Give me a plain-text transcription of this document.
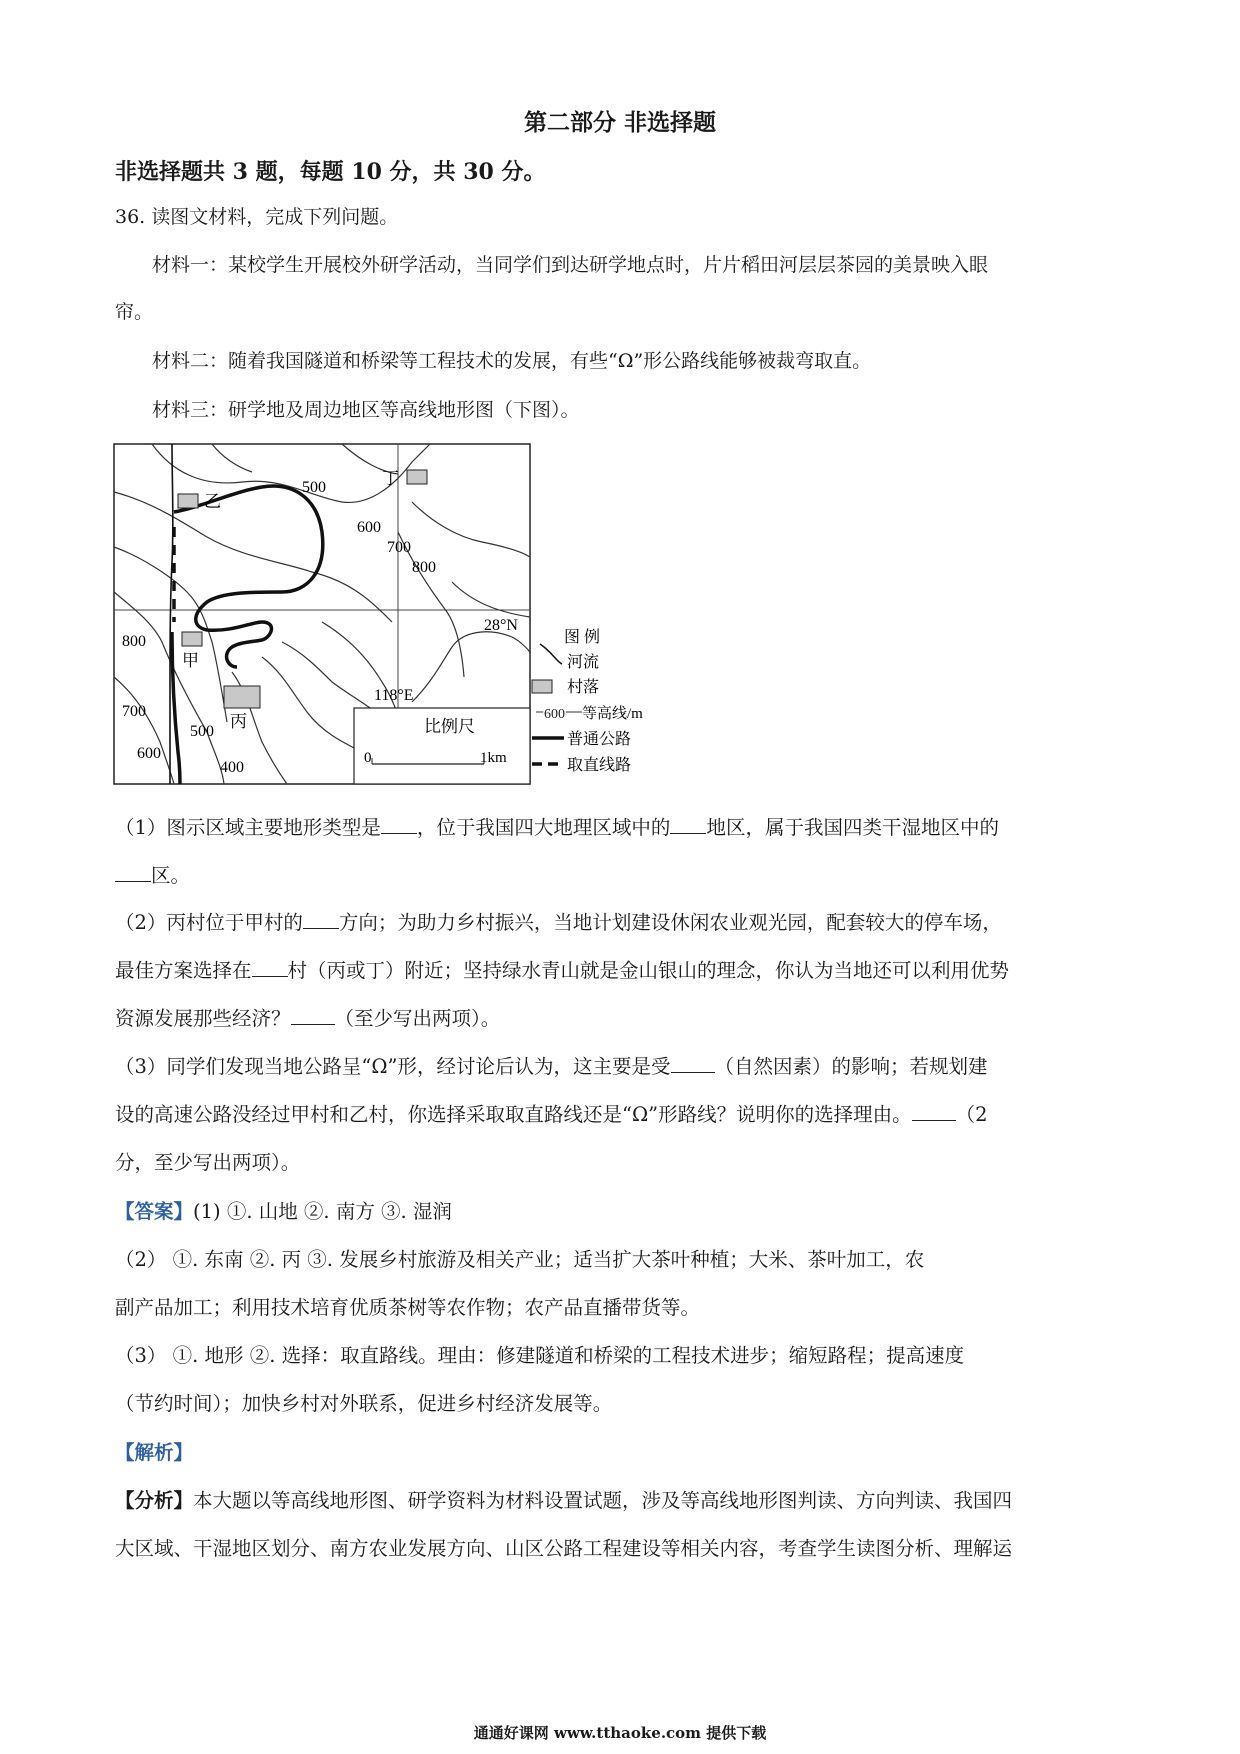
第二部分 非选择题
非选择题共 3 题，每题 10 分，共 30 分。
36. 读图文材料，完成下列问题。
材料一：某校学生开展校外研学活动，当同学们到达研学地点时，片片稻田河层层茶园的美景映入眼
帘。
材料二：随着我国隧道和桥梁等工程技术的发展，有些“Ω”形公路线能够被裁弯取直。
材料三：研学地及周边地区等高线地形图（下图）。
乙
丁
甲
丙
500
600
700
800
800
700
600
500
400
28°N
118°E
比例尺
0	1km
图 例
河流
村落
600 等高线/m
普通公路
取直线路
（1）图示区域主要地形类型是 ，位于我国四大地理区域中的 地区，属于我国四类干湿地区中的
区。
（2）丙村位于甲村的 方向；为助力乡村振兴，当地计划建设休闲农业观光园，配套较大的停车场，
最佳方案选择在 村（丙或丁）附近；坚持绿水青山就是金山银山的理念，你认为当地还可以利用优势
资源发展那些经济？ （至少写出两项）。
（3）同学们发现当地公路呈“Ω”形，经讨论后认为，这主要是受 （自然因素）的影响；若规划建
设的高速公路没经过甲村和乙村，你选择采取取直路线还是“Ω”形路线？说明你的选择理由。 （2
分，至少写出两项）。
【答案】(1) ①. 山地 ②. 南方 ③. 湿润
（2） ①. 东南 ②. 丙 ③. 发展乡村旅游及相关产业；适当扩大茶叶种植；大米、茶叶加工，农
副产品加工；利用技术培育优质茶树等农作物；农产品直播带货等。
（3） ①. 地形 ②. 选择：取直路线。理由：修建隧道和桥梁的工程技术进步；缩短路程；提高速度
（节约时间）；加快乡村对外联系，促进乡村经济发展等。
【解析】
【分析】本大题以等高线地形图、研学资料为材料设置试题，涉及等高线地形图判读、方向判读、我国四
大区域、干湿地区划分、南方农业发展方向、山区公路工程建设等相关内容，考查学生读图分析、理解运
通通好课网 www.tthaoke.com 提供下载
